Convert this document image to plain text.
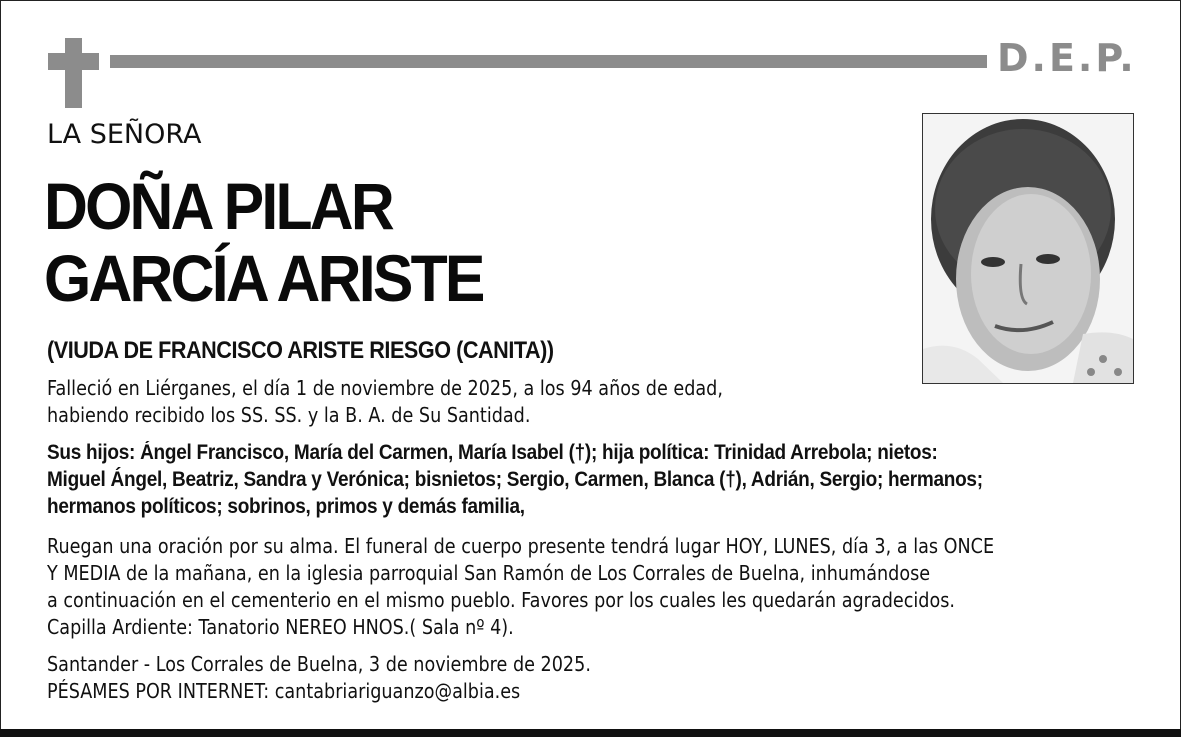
D.E.P.
LA SEÑORA
DOÑA PILAR
GARCÍA ARISTE
(VIUDA DE FRANCISCO ARISTE RIESGO (CANITA))
Falleció en Liérganes, el día 1 de noviembre de 2025, a los 94 años de edad,
habiendo recibido los SS. SS. y la B. A. de Su Santidad.
Sus hijos: Ángel Francisco, María del Carmen, María Isabel (†); hija política: Trinidad Arrebola; nietos:
Miguel Ángel, Beatriz, Sandra y Verónica; bisnietos; Sergio, Carmen, Blanca (†), Adrián, Sergio; hermanos;
hermanos políticos; sobrinos, primos y demás familia,
Ruegan una oración por su alma. El funeral de cuerpo presente tendrá lugar HOY, LUNES, día 3, a las ONCE
Y MEDIA de la mañana, en la iglesia parroquial San Ramón de Los Corrales de Buelna, inhumándose
a continuación en el cementerio en el mismo pueblo. Favores por los cuales les quedarán agradecidos.
Capilla Ardiente: Tanatorio NEREO HNOS.( Sala nº 4).
Santander - Los Corrales de Buelna, 3 de noviembre de 2025.
PÉSAMES POR INTERNET: cantabriariguanzo@albia.es
